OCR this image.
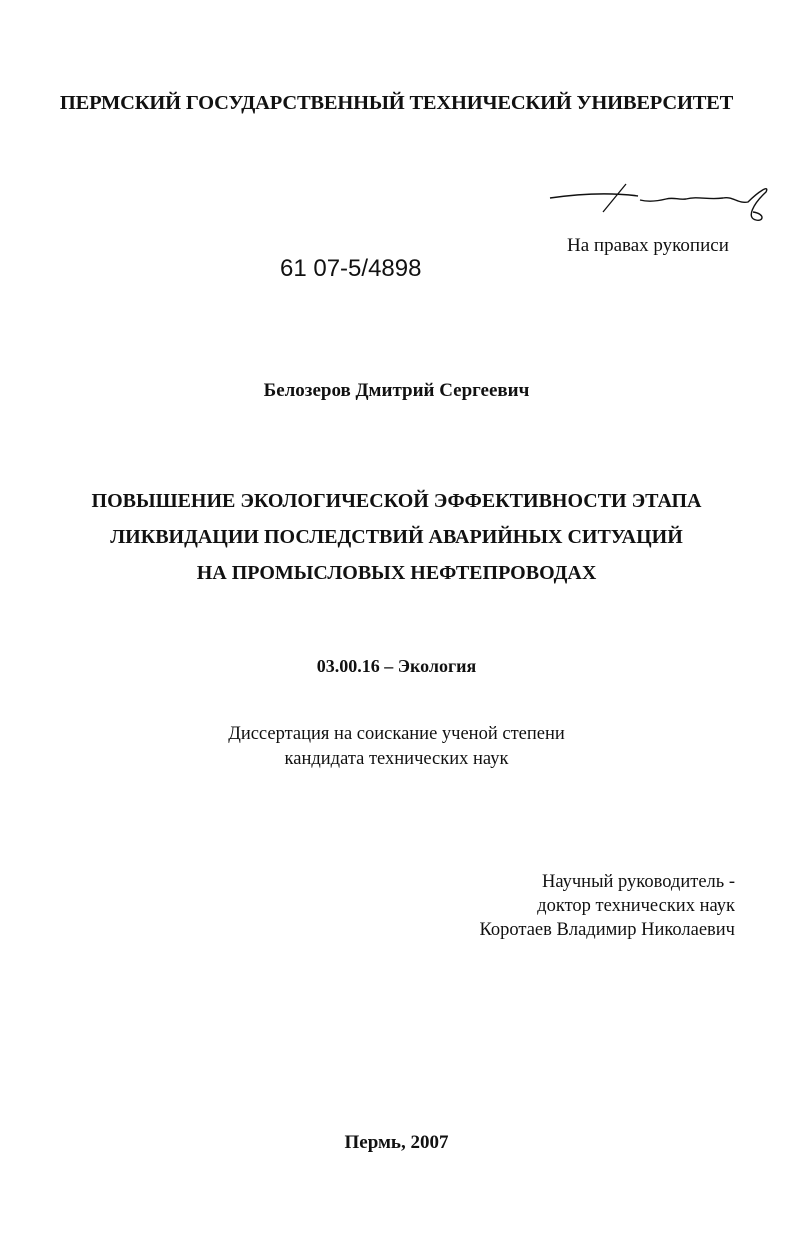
ПЕРМСКИЙ ГОСУДАРСТВЕННЫЙ ТЕХНИЧЕСКИЙ УНИВЕРСИТЕТ
На правах рукописи
61 07-5/4898
Белозеров Дмитрий Сергеевич
ПОВЫШЕНИЕ ЭКОЛОГИЧЕСКОЙ ЭФФЕКТИВНОСТИ ЭТАПА
ЛИКВИДАЦИИ ПОСЛЕДСТВИЙ АВАРИЙНЫХ СИТУАЦИЙ
НА ПРОМЫСЛОВЫХ НЕФТЕПРОВОДАХ
03.00.16 – Экология
Диссертация на соискание ученой степени
кандидата технических наук
Научный руководитель -
доктор технических наук
Коротаев Владимир Николаевич
Пермь, 2007
